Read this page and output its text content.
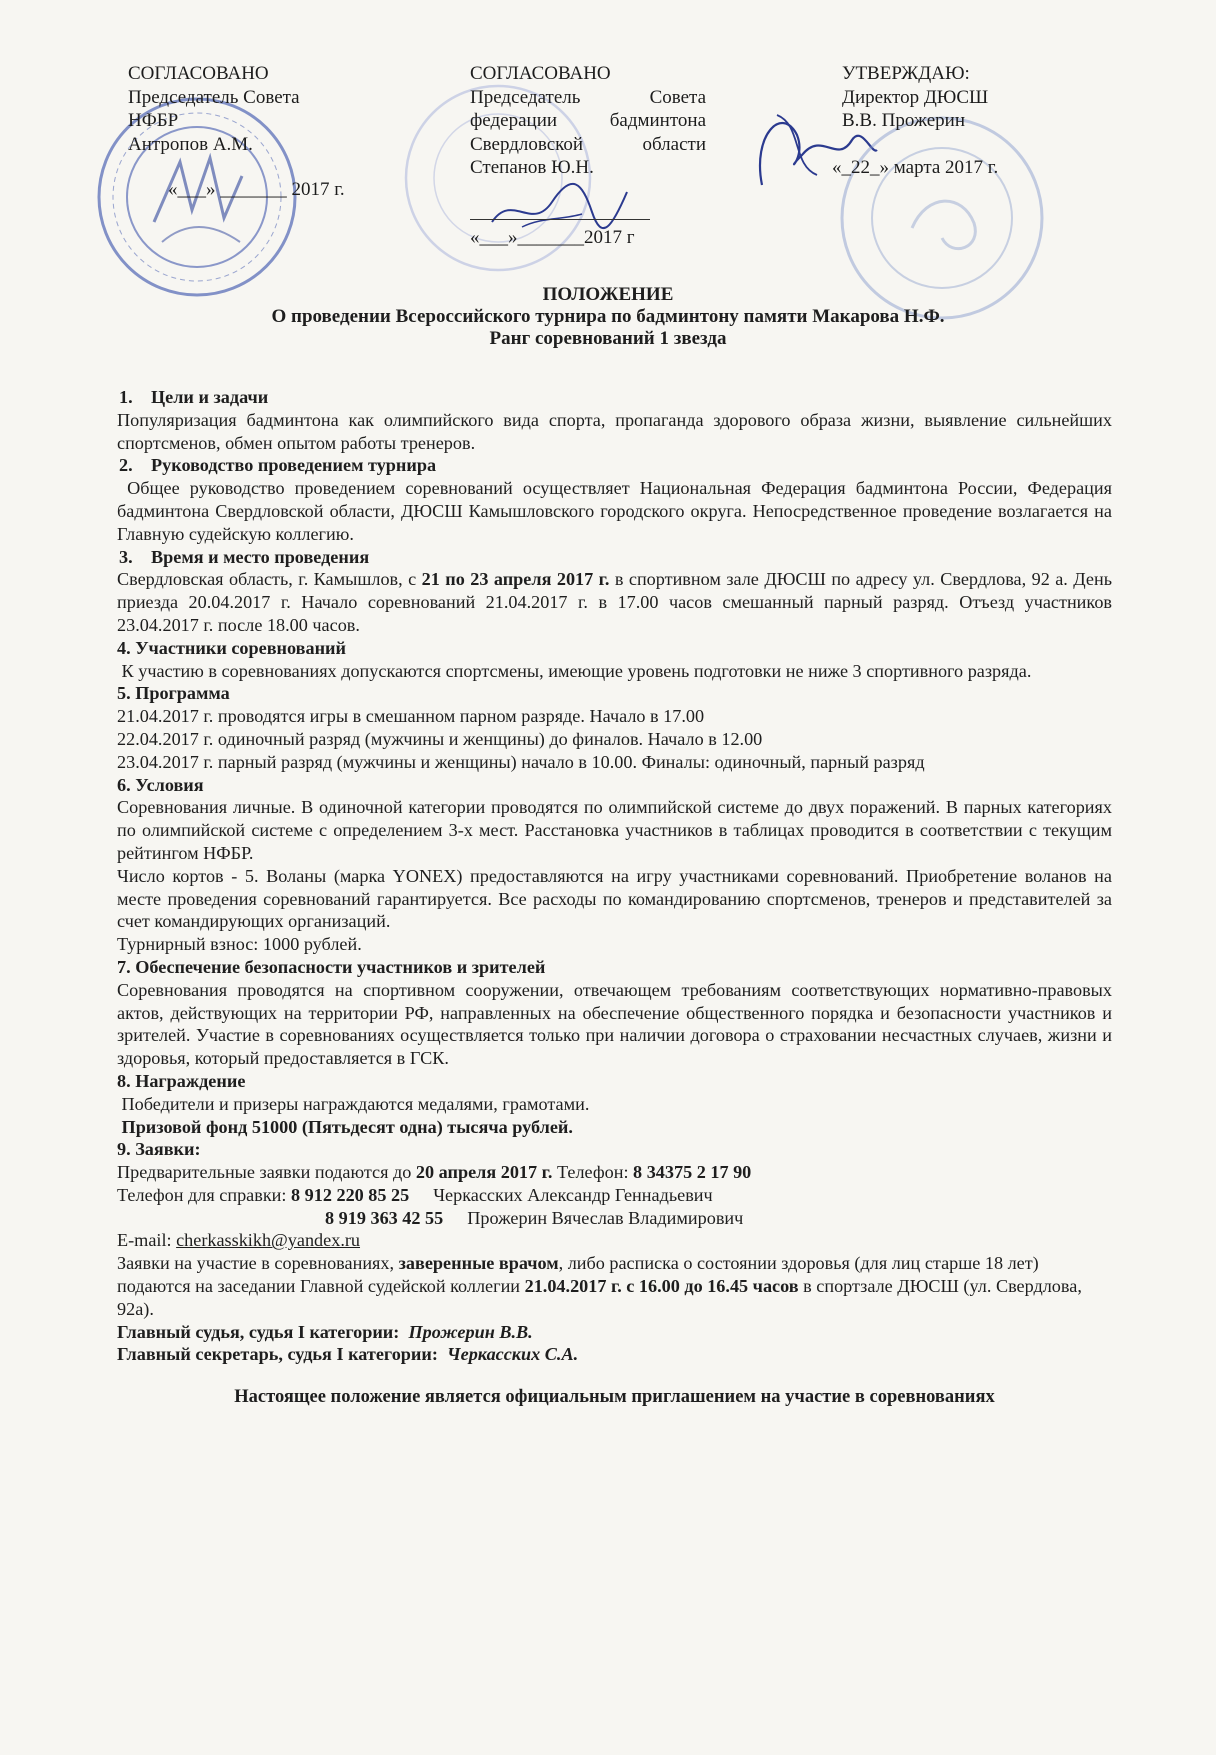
СОГЛАСОВАНО
Председатель Совета
НФБР
Антропов А.М.
«___» _______ 2017 г.
СОГЛАСОВАНО
Председатель Совета
федерации бадминтона
Свердловской области
Степанов Ю.Н.
«___»_______2017 г
УТВЕРЖДАЮ:
Директор ДЮСШ
В.В. Прожерин
«_22_» марта 2017 г.
ПОЛОЖЕНИЕ
О проведении Всероссийского турнира по бадминтону памяти Макарова Н.Ф.
Ранг соревнований 1 звезда

1. Цели и задачи

Популяризация бадминтона как олимпийского вида спорта, пропаганда здорового образа жизни, выявление сильнейших спортсменов, обмен опытом работы тренеров.

2. Руководство проведением турнира

Общее руководство проведением соревнований осуществляет Национальная Федерация бадминтона России, Федерация бадминтона Свердловской области, ДЮСШ Камышловского городского округа. Непосредственное проведение возлагается на Главную судейскую коллегию.

3. Время и место проведения

Свердловская область, г. Камышлов, с 21 по 23 апреля 2017 г. в спортивном зале ДЮСШ по адресу ул. Свердлова, 92 а. День приезда 20.04.2017 г. Начало соревнований 21.04.2017 г. в 17.00 часов смешанный парный разряд. Отъезд участников 23.04.2017 г. после 18.00 часов.

4. Участники соревнований

К участию в соревнованиях допускаются спортсмены, имеющие уровень подготовки не ниже 3 спортивного разряда.

5. Программа

21.04.2017 г. проводятся игры в смешанном парном разряде. Начало в 17.00

22.04.2017 г. одиночный разряд (мужчины и женщины) до финалов. Начало в 12.00

23.04.2017 г. парный разряд (мужчины и женщины) начало в 10.00. Финалы: одиночный, парный разряд

6. Условия

Соревнования личные. В одиночной категории проводятся по олимпийской системе до двух поражений. В парных категориях по олимпийской системе с определением 3-х мест. Расстановка участников в таблицах проводится в соответствии с текущим рейтингом НФБР.

Число кортов - 5. Воланы (марка YONEX) предоставляются на игру участниками соревнований. Приобретение воланов на месте проведения соревнований гарантируется. Все расходы по командированию спортсменов, тренеров и представителей за счет командирующих организаций.

Турнирный взнос: 1000 рублей.

7. Обеспечение безопасности участников и зрителей

Соревнования проводятся на спортивном сооружении, отвечающем требованиям соответствующих нормативно-правовых актов, действующих на территории РФ, направленных на обеспечение общественного порядка и безопасности участников и зрителей. Участие в соревнованиях осуществляется только при наличии договора о страховании несчастных случаев, жизни и здоровья, который предоставляется в ГСК.

8. Награждение

Победители и призеры награждаются медалями, грамотами.

Призовой фонд 51000 (Пятьдесят одна) тысяча рублей.

9. Заявки:

Предварительные заявки подаются до 20 апреля 2017 г. Телефон: 8 34375 2 17 90

Телефон для справки: 8 912 220 85 25 Черкасских Александр Геннадьевич

8 919 363 42 55 Прожерин Вячеслав Владимирович

E-mail: cherkasskikh@yandex.ru

Заявки на участие в соревнованиях, заверенные врачом, либо расписка о состоянии здоровья (для лиц старше 18 лет) подаются на заседании Главной судейской коллегии 21.04.2017 г. с 16.00 до 16.45 часов в спортзале ДЮСШ (ул. Свердлова, 92а).

Главный судья, судья I категории: Прожерин В.В.

Главный секретарь, судья I категории: Черкасских С.А.

Настоящее положение является официальным приглашением на участие в соревнованиях
